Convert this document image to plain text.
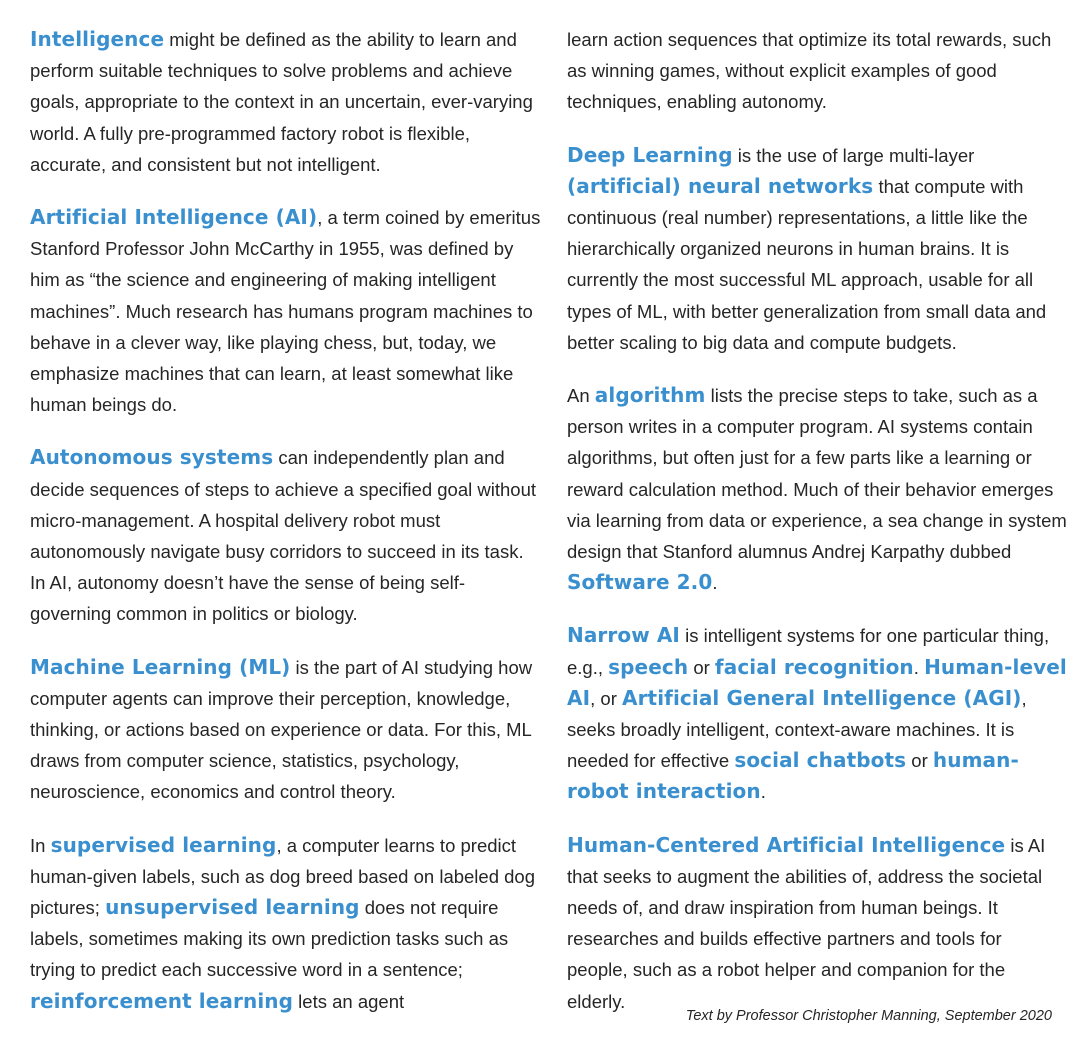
Intelligence might be defined as the ability to learn and perform suitable techniques to solve problems and achieve goals, appropriate to the context in an uncertain, ever-varying world. A fully pre-programmed factory robot is flexible, accurate, and consistent but not intelligent.

Artificial Intelligence (AI), a term coined by emeritus Stanford Professor John McCarthy in 1955, was defined by him as “the science and engineering of making intelligent machines”. Much research has humans program machines to behave in a clever way, like playing chess, but, today, we emphasize machines that can learn, at least somewhat like human beings do.

Autonomous systems can independently plan and decide sequences of steps to achieve a specified goal without micro-management. A hospital delivery robot must autonomously navigate busy corridors to succeed in its task. In AI, autonomy doesn’t have the sense of being self-governing common in politics or biology.

Machine Learning (ML) is the part of AI studying how computer agents can improve their perception, knowledge, thinking, or actions based on experience or data. For this, ML draws from computer science, statistics, psychology, neuroscience, economics and control theory.

In supervised learning, a computer learns to predict human-given labels, such as dog breed based on labeled dog pictures; unsupervised learning does not require labels, sometimes making its own prediction tasks such as trying to predict each successive word in a sentence; reinforcement learning lets an agent

learn action sequences that optimize its total rewards, such as winning games, without explicit examples of good techniques, enabling autonomy.

Deep Learning is the use of large multi-layer (artificial) neural networks that compute with continuous (real number) representations, a little like the hierarchically organized neurons in human brains. It is currently the most successful ML approach, usable for all types of ML, with better generalization from small data and better scaling to big data and compute budgets.

An algorithm lists the precise steps to take, such as a person writes in a computer program. AI systems contain algorithms, but often just for a few parts like a learning or reward calculation method. Much of their behavior emerges via learning from data or experience, a sea change in system design that Stanford alumnus Andrej Karpathy dubbed Software 2.0.

Narrow AI is intelligent systems for one particular thing, e.g., speech or facial recognition. Human-level AI, or Artificial General Intelligence (AGI), seeks broadly intelligent, context-aware machines. It is needed for effective social chatbots or human-robot interaction.

Human-Centered Artificial Intelligence is AI that seeks to augment the abilities of, address the societal needs of, and draw inspiration from human beings. It researches and builds effective partners and tools for people, such as a robot helper and companion for the elderly.

Text by Professor Christopher Manning, September 2020
